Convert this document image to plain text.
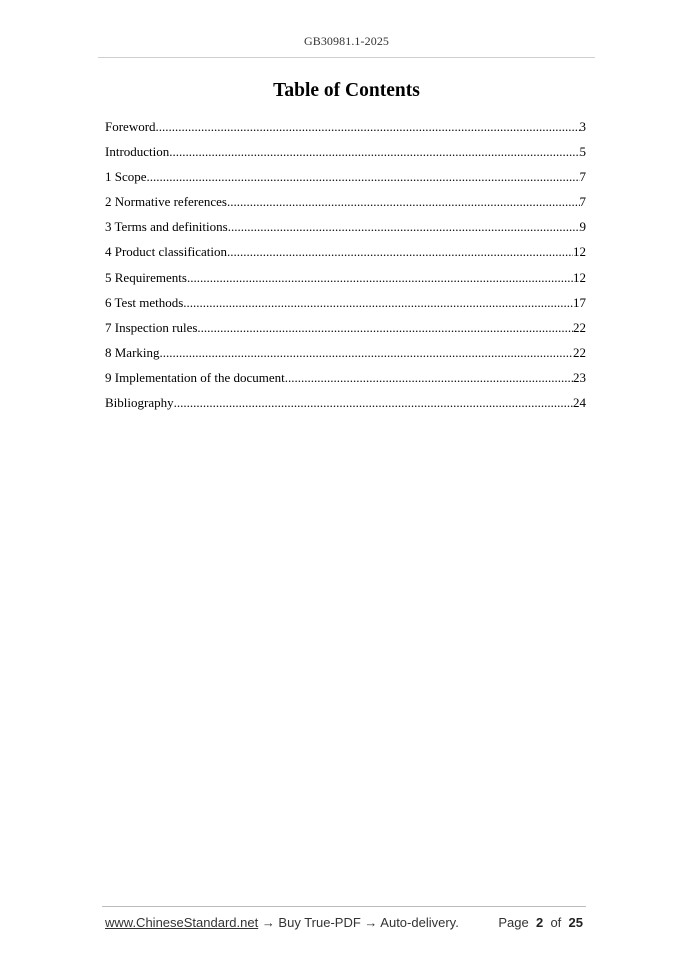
GB30981.1-2025
Table of Contents
Foreword .....	3
Introduction .....	5
1 Scope .....	7
2 Normative references .....	7
3 Terms and definitions .....	9
4 Product classification .....	12
5 Requirements .....	12
6 Test methods .....	17
7 Inspection rules .....	22
8 Marking .....	22
9 Implementation of the document .....	23
Bibliography .....	24
www.ChineseStandard.net → Buy True-PDF → Auto-delivery.	Page 2 of 25
